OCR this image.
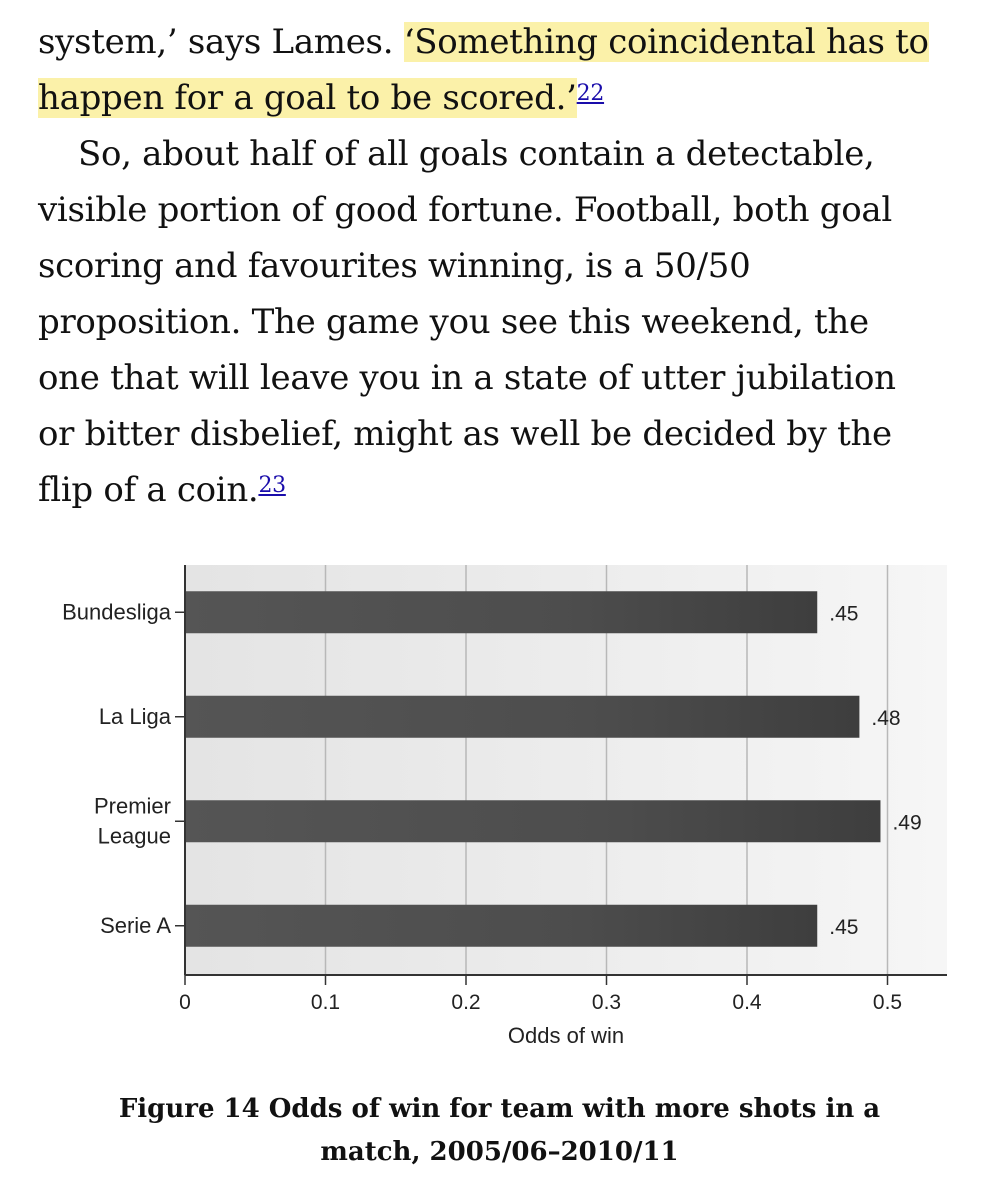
system,’ says Lames. ‘Something coincidental has to
happen for a goal to be scored.’$^{22}$
So, about half of all goals contain a detectable,
visible portion of good fortune. Football, both goal
scoring and favourites winning, is a 50/50
proposition. The game you see this weekend, the
one that will leave you in a state of utter jubilation
or bitter disbelief, might as well be decided by the
flip of a coin.$^{23}$
.45
Bundesliga
.48
La Liga
.49
Premier
League
.45
Serie A
0	0.1	0.2	0.3	0.4	0.5
Odds of win
Figure 14 Odds of win for team with more shots in a
match, 2005/06–2010/11
